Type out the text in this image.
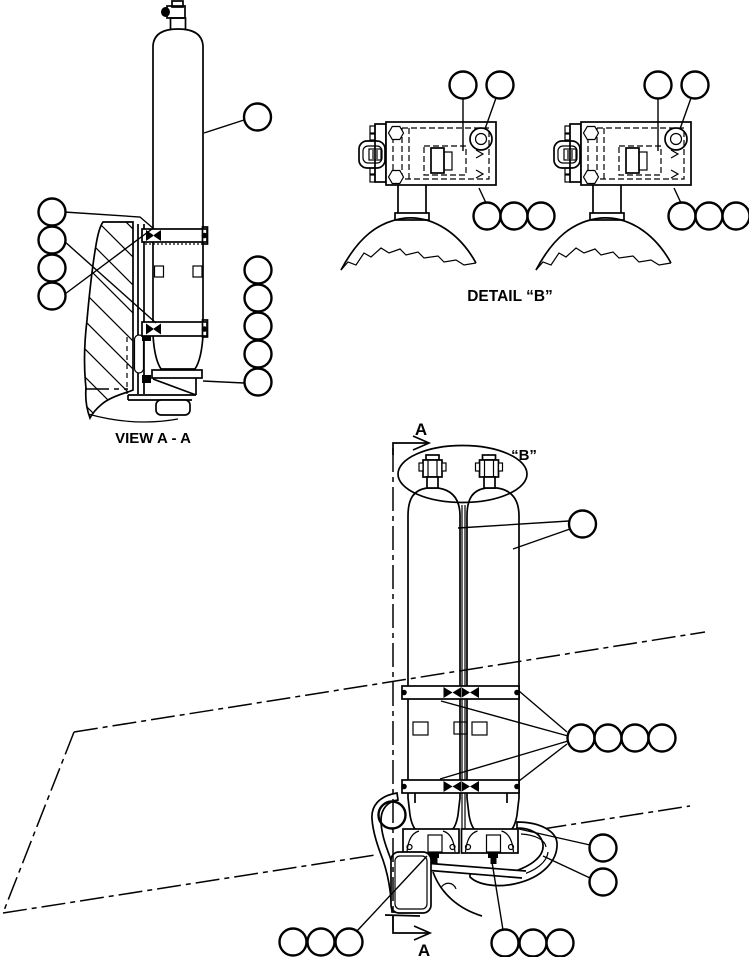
VIEW A - A
DETAIL “B”
A
A
“B”
